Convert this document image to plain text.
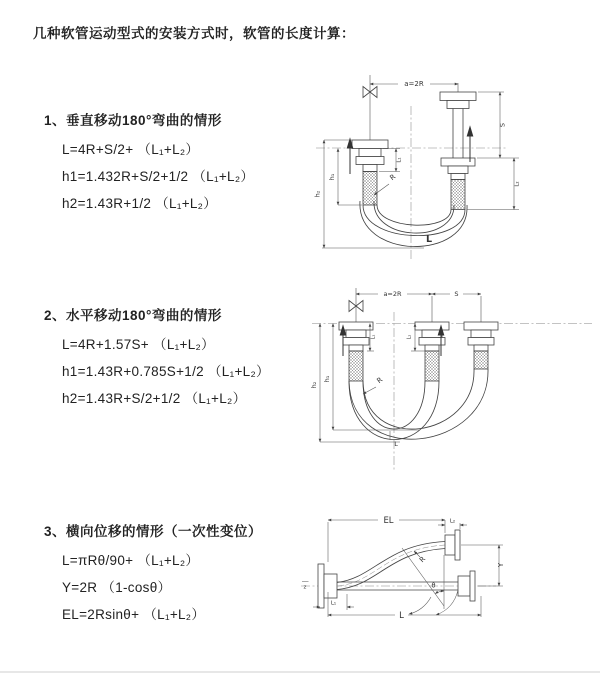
几种软管运动型式的安装方式时，软管的长度计算：
1、垂直移动180°弯曲的情形
L=4R+S/2+ （L₁+L₂）
h1=1.432R+S/2+1/2 （L₁+L₂）
h2=1.43R+1/2 （L₁+L₂）
a=2R
h₂
h₁
L₁
S
L₂
R
L
2、水平移动180°弯曲的情形
L=4R+1.57S+ （L₁+L₂）
h1=1.43R+0.785S+1/2 （L₁+L₂）
h2=1.43R+S/2+1/2 （L₁+L₂）
a=2R	S
h₂
h₁
L₁	L₂
R
L
3、横向位移的情形（一次性变位）
L=πRθ/90+ （L₁+L₂）
Y=2R （1-cosθ）
EL=2Rsinθ+ （L₁+L₂）
EL	L₂
Y
R
θ
L
L₁
z
